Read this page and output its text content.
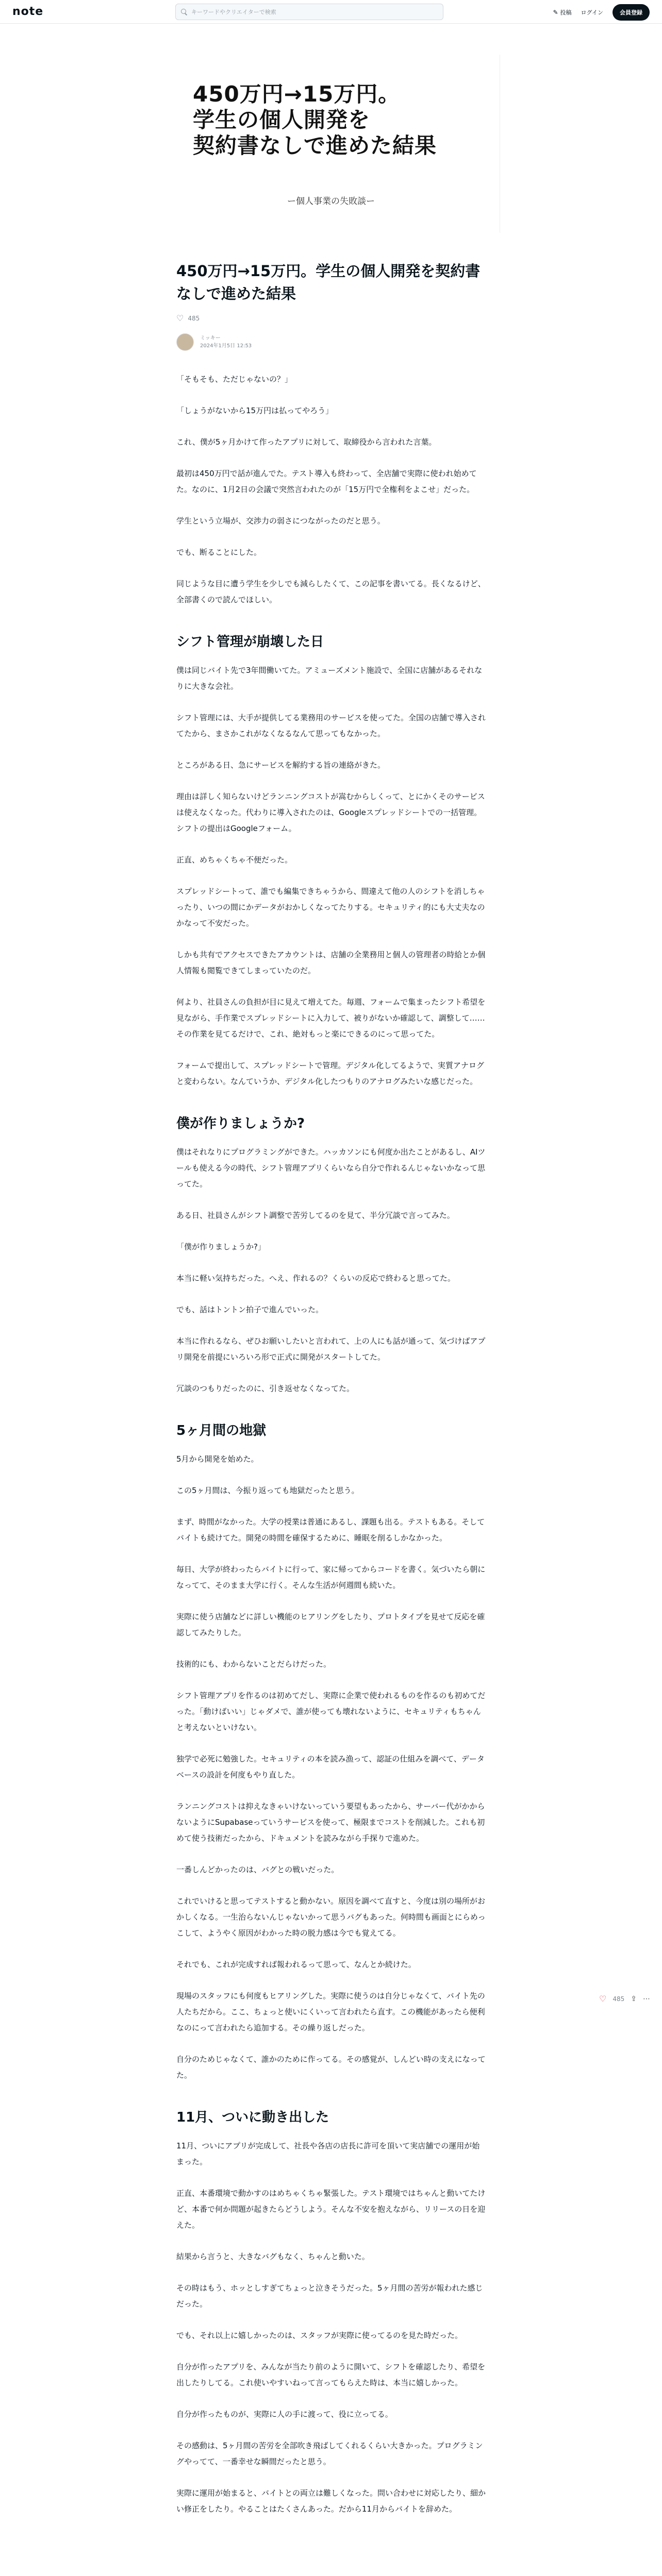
note	キーワードやクリエイターで検索	✎ 投稿 ログイン	会員登録
450万円→15万円。
学生の個人開発を
契約書なしで進めた結果
ー個人事業の失敗談ー
450万円→15万円。学生の個人開発を契約書なしで進めた結果
♡ 485
ミッキー
2024年1月5日 12:53

「そもそも、ただじゃないの？」

「しょうがないから15万円は払ってやろう」

これ、僕が5ヶ月かけて作ったアプリに対して、取締役から言われた言葉。

最初は450万円で話が進んでた。テスト導入も終わって、全店舗で実際に使われ始めてた。なのに、1月2日の会議で突然言われたのが「15万円で全権利をよこせ」だった。

学生という立場が、交渉力の弱さにつながったのだと思う。

でも、断ることにした。

同じような目に遭う学生を少しでも減らしたくて、この記事を書いてる。長くなるけど、全部書くので読んでほしい。

シフト管理が崩壊した日

僕は同じバイト先で3年間働いてた。アミューズメント施設で、全国に店舗があるそれなりに大きな会社。

シフト管理には、大手が提供してる業務用のサービスを使ってた。全国の店舗で導入されてたから、まさかこれがなくなるなんて思ってもなかった。

ところがある日、急にサービスを解約する旨の連絡がきた。

理由は詳しく知らないけどランニングコストが嵩むからしくって、とにかくそのサービスは使えなくなった。代わりに導入されたのは、Googleスプレッドシートでの一括管理。シフトの提出はGoogleフォーム。

正直、めちゃくちゃ不便だった。

スプレッドシートって、誰でも編集できちゃうから、間違えて他の人のシフトを消しちゃったり、いつの間にかデータがおかしくなってたりする。セキュリティ的にも大丈夫なのかなって不安だった。

しかも共有でアクセスできたアカウントは、店舗の全業務用と個人の管理者の時給とか個人情報も閲覧できてしまっていたのだ。

何より、社員さんの負担が目に見えて増えてた。毎週、フォームで集まったシフト希望を見ながら、手作業でスプレッドシートに入力して、被りがないか確認して、調整して……その作業を見てるだけで、これ、絶対もっと楽にできるのにって思ってた。

フォームで提出して、スプレッドシートで管理。デジタル化してるようで、実質アナログと変わらない。なんていうか、デジタル化したつもりのアナログみたいな感じだった。

僕が作りましょうか?

僕はそれなりにプログラミングができた。ハッカソンにも何度か出たことがあるし、AIツールも使える今の時代、シフト管理アプリくらいなら自分で作れるんじゃないかなって思ってた。

ある日、社員さんがシフト調整で苦労してるのを見て、半分冗談で言ってみた。

「僕が作りましょうか?」

本当に軽い気持ちだった。へえ、作れるの？くらいの反応で終わると思ってた。

でも、話はトントン拍子で進んでいった。

本当に作れるなら、ぜひお願いしたいと言われて、上の人にも話が通って、気づけばアプリ開発を前提にいろいろ形で正式に開発がスタートしてた。

冗談のつもりだったのに、引き返せなくなってた。

5ヶ月間の地獄

5月から開発を始めた。

この5ヶ月間は、今振り返っても地獄だったと思う。

まず、時間がなかった。大学の授業は普通にあるし、課題も出る。テストもある。そしてバイトも続けてた。開発の時間を確保するために、睡眠を削るしかなかった。

毎日、大学が終わったらバイトに行って、家に帰ってからコードを書く。気づいたら朝になってて、そのまま大学に行く。そんな生活が何週間も続いた。

実際に使う店舗などに詳しい機能のヒアリングをしたり、プロトタイプを見せて反応を確認してみたりした。

技術的にも、わからないことだらけだった。

シフト管理アプリを作るのは初めてだし、実際に企業で使われるものを作るのも初めてだった。「動けばいい」じゃダメで、誰が使っても壊れないように、セキュリティもちゃんと考えないといけない。

独学で必死に勉強した。セキュリティの本を読み漁って、認証の仕組みを調べて、データベースの設計を何度もやり直した。

ランニングコストは抑えなきゃいけないっていう要望もあったから、サーバー代がかからないようにSupabaseっていうサービスを使って、極限までコストを削減した。これも初めて使う技術だったから、ドキュメントを読みながら手探りで進めた。

一番しんどかったのは、バグとの戦いだった。

これでいけると思ってテストすると動かない。原因を調べて直すと、今度は別の場所がおかしくなる。一生治らないんじゃないかって思うバグもあった。何時間も画面とにらめっこして、ようやく原因がわかった時の脱力感は今でも覚えてる。

それでも、これが完成すれば報われるって思って、なんとか続けた。

現場のスタッフにも何度もヒアリングした。実際に使うのは自分じゃなくて、バイト先の人たちだから。ここ、ちょっと使いにくいって言われたら直す。この機能があったら便利なのにって言われたら追加する。その繰り返しだった。

自分のためじゃなくて、誰かのために作ってる。その感覚が、しんどい時の支えになってた。

11月、ついに動き出した

11月、ついにアプリが完成して、社長や各店の店長に許可を頂いて実店舗での運用が始まった。

正直、本番環境で動かすのはめちゃくちゃ緊張した。テスト環境ではちゃんと動いてたけど、本番で何か問題が起きたらどうしよう。そんな不安を抱えながら、リリースの日を迎えた。

結果から言うと、大きなバグもなく、ちゃんと動いた。

その時はもう、ホッとしすぎてちょっと泣きそうだった。5ヶ月間の苦労が報われた感じだった。

でも、それ以上に嬉しかったのは、スタッフが実際に使ってるのを見た時だった。

自分が作ったアプリを、みんなが当たり前のように開いて、シフトを確認したり、希望を出したりしてる。これ使いやすいねって言ってもらえた時は、本当に嬉しかった。

自分が作ったものが、実際に人の手に渡って、役に立ってる。

その感動は、5ヶ月間の苦労を全部吹き飛ばしてくれるくらい大きかった。プログラミングやってて、一番幸せな瞬間だったと思う。

実際に運用が始まると、バイトとの両立は難しくなった。問い合わせに対応したり、細かい修正をしたり。やることはたくさんあった。だから11月からバイトを辞めた。

♡ 485 ⇪ ⋯
